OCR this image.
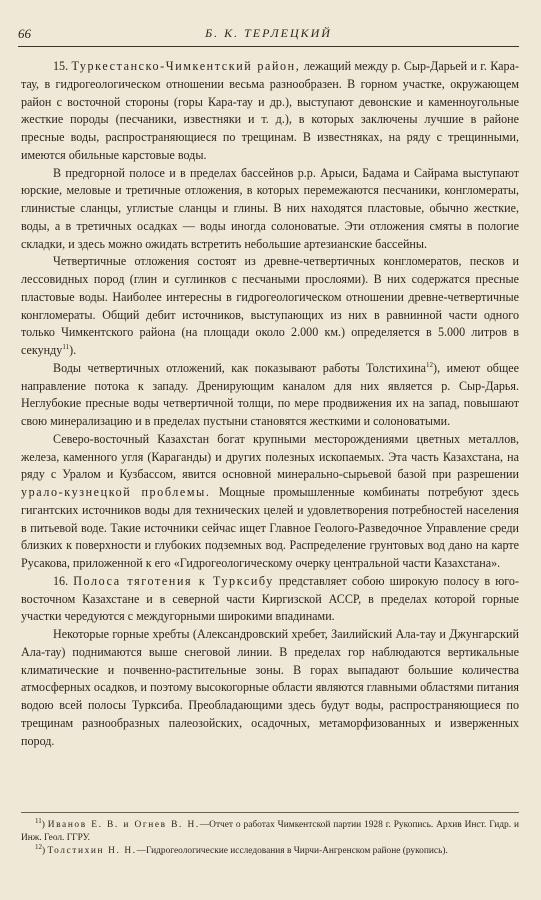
66	Б. К. ТЕРЛЕЦКИЙ

15. Туркестанско-Чимкентский район, лежащий между р. Сыр-Дарьей и г. Кара-тау, в гидрогеологическом отношении весьма разнообразен. В горном участке, окружающем район с восточной стороны (горы Кара-тау и др.), выступают девонские и каменноугольные жесткие породы (песчаники, известняки и т. д.), в которых заключены лучшие в районе пресные воды, распространяющиеся по трещинам. В известняках, на ряду с трещинными, имеются обильные карстовые воды.

В предгорной полосе и в пределах бассейнов р.р. Арыси, Бадама и Сайрама выступают юрские, меловые и третичные отложения, в которых перемежаются песчаники, конгломераты, глинистые сланцы, углистые сланцы и глины. В них находятся пластовые, обычно жесткие, воды, а в третичных осадках — воды иногда солоноватые. Эти отложения смяты в пологие складки, и здесь можно ожидать встретить небольшие артезианские бассейны.

Четвертичные отложения состоят из древне-четвертичных конгломератов, песков и лессовидных пород (глин и суглинков с песчаными прослоями). В них содержатся пресные пластовые воды. Наиболее интересны в гидрогеологическом отношении древне-четвертичные конгломераты. Общий дебит источников, выступающих из них в равнинной части одного только Чимкентского района (на площади около 2.000 км.) определяется в 5.000 литров в секунду$^{11}$).

Воды четвертичных отложений, как показывают работы Толстихина$^{12}$), имеют общее направление потока к западу. Дренирующим каналом для них является р. Сыр-Дарья. Неглубокие пресные воды четвертичной толщи, по мере продвижения их на запад, повышают свою минерализацию и в пределах пустыни становятся жесткими и солоноватыми.

Северо-восточный Казахстан богат крупными месторождениями цветных металлов, железа, каменного угля (Караганды) и других полезных ископаемых. Эта часть Казахстана, на ряду с Уралом и Кузбассом, явится основной минерально-сырьевой базой при разрешении урало-кузнецкой проблемы. Мощные промышленные комбинаты потребуют здесь гигантских источников воды для технических целей и удовлетворения потребностей населения в питьевой воде. Такие источники сейчас ищет Главное Геолого-Разведочное Управление среди близких к поверхности и глубоких подземных вод. Распределение грунтовых вод дано на карте Русакова, приложенной к его «Гидрогеологическому очерку центральной части Казахстана».

16. Полоса тяготения к Турксибу представляет собою широкую полосу в юго-восточном Казахстане и в северной части Киргизской АССР, в пределах которой горные участки чередуются с междугорными широкими впадинами.

Некоторые горные хребты (Александровский хребет, Заилийский Ала-тау и Джунгарский Ала-тау) поднимаются выше снеговой линии. В пределах гор наблюдаются вертикальные климатические и почвенно-растительные зоны. В горах выпадают большие количества атмосферных осадков, и поэтому высокогорные области являются главными областями питания водою всей полосы Турксиба. Преобладающими здесь будут воды, распространяющиеся по трещинам разнообразных палеозойских, осадочных, метаморфизованных и изверженных пород.

$^{11}$) Иванов Е. В. и Огнев В. Н.—Отчет о работах Чимкентской партии 1928 г. Рукопись. Архив Инст. Гидр. и Инж. Геол. ГГРУ.

$^{12}$) Толстихин Н. Н.—Гидрогеологические исследования в Чирчи-Ангренском районе (рукопись).
